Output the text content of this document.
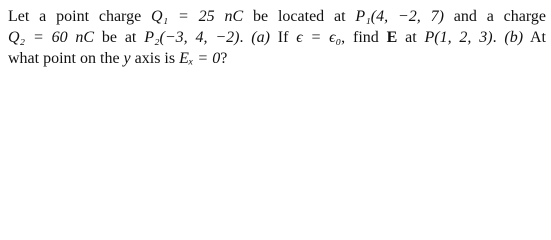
Let a point charge Q₁ = 25 nC be located at P₁(4, −2, 7) and a charge
Q₂ = 60 nC be at P₂(−3, 4, −2). (a) If ϵ = ϵ₀, find E at P(1, 2, 3). (b) At
what point on the y axis is Eₓ = 0?
